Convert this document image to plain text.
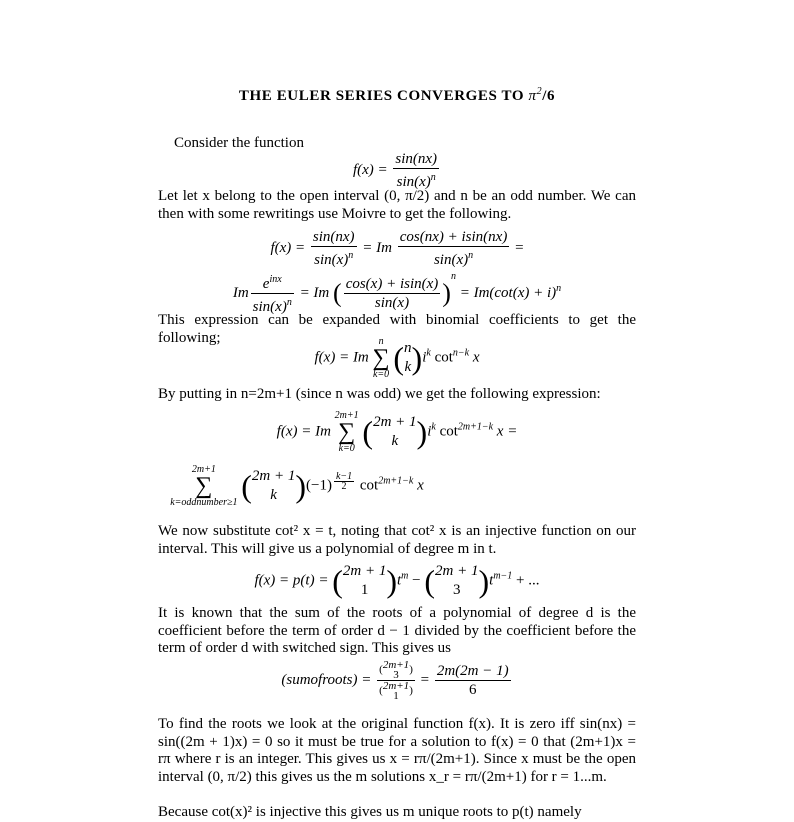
THE EULER SERIES CONVERGES TO $\pi^2/6$
Consider the function
$f(x) = \frac{\sin(nx)}{\sin(x)^n}$
Let let x belong to the open interval (0, π/2) and n be an odd number. We can then with some rewritings use Moivre to get the following.
$f(x) = \frac{\sin(nx)}{\sin(x)^n} = Im \frac{\cos(nx) + isin(nx)}{\sin(x)^n}$ =
Im $\frac{e^{inx}}{\sin(x)^n} = Im$ ( $\frac{\cos(x) + isin(x)}{\sin(x)} )^n = Im(\cot(x) + i)^n$
This expression can be expanded with binomial coefficients to get the following;
f(x) = Im
n
∑
k=0 ( n
k )$i^k$ $\cot^{n-k} x$
By putting in n=2m+1 (since n was odd) we get the following expression:
f(x) = Im
2m+1
∑
k=0 ( 2m + 1
k )$i^k$ $\cot^{2m+1-k} x$ =
2m+1
∑
k=oddnumber≥1 ( 2m + 1
k )(−1) $^{\frac{k-1}{2}}$ $\cot^{2m+1-k} x$
We now substitute cot² x = t, noting that cot² x is an injective function on our interval. This will give us a polynomial of degree m in t.
f(x) = p(t) = ( 2m + 1
1 )$t^m$ − ( 2m + 1
3 )$t^{m-1}$ + ...
It is known that the sum of the roots of a polynomial of degree d is the coefficient before the term of order d − 1 divided by the coefficient before the term of order d with switched sign. This gives us
(sumofroots) = ( 2m+1
3 )
( 2m+1
1 ) = $\frac{2m(2m - 1)}{6}$
To find the roots we look at the original function f(x). It is zero iff sin(nx) = sin((2m + 1)x) = 0 so it must be true for a solution to f(x) = 0 that (2m+1)x = rπ where r is an integer. This gives us x = rπ/(2m+1). Since x must be the open interval (0, π/2) this gives us the m solutions x_r = rπ/(2m+1) for r = 1...m.
Because cot(x)² is injective this gives us m unique roots to p(t) namely
